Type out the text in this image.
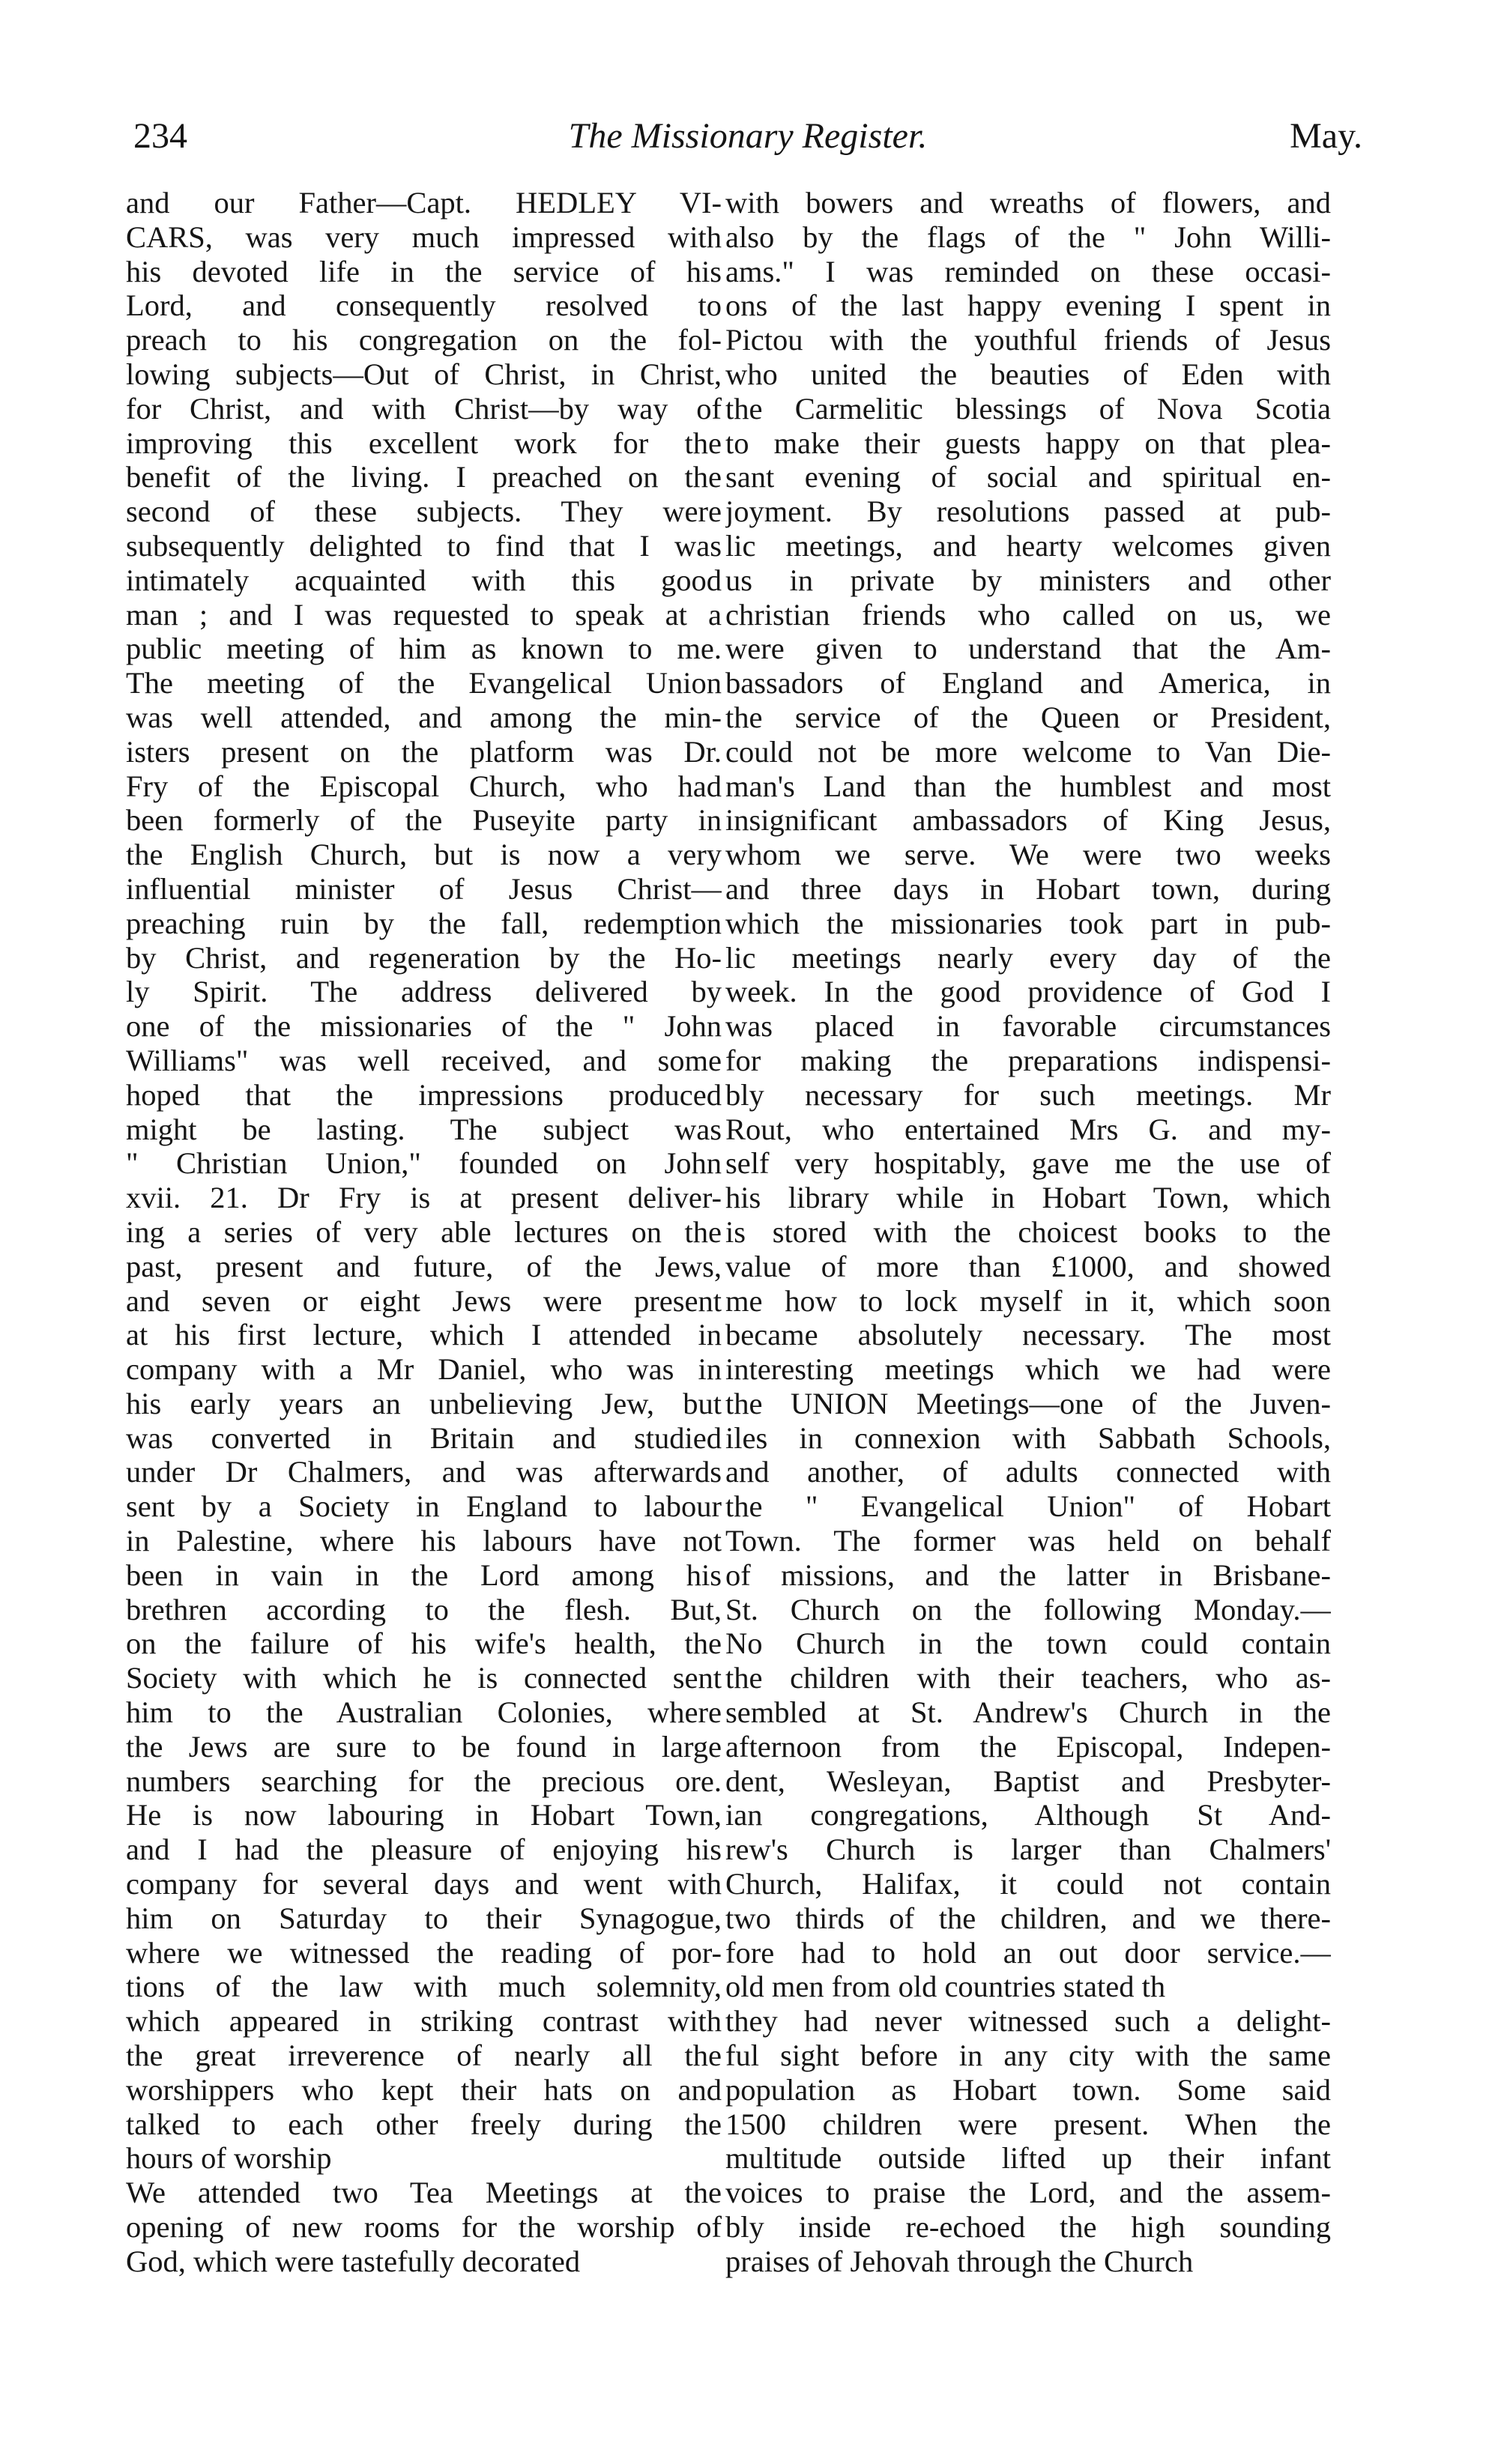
234	The Missionary Register.	May.
and our Father—Capt. HEDLEY VI-
CARS, was very much impressed with
his devoted life in the service of his
Lord, and consequently resolved to
preach to his congregation on the fol-
lowing subjects—Out of Christ, in Christ,
for Christ, and with Christ—by way of
improving this excellent work for the
benefit of the living. I preached on the
second of these subjects. They were
subsequently delighted to find that I was
intimately acquainted with this good
man ; and I was requested to speak at a
public meeting of him as known to me.
The meeting of the Evangelical Union
was well attended, and among the min-
isters present on the platform was Dr.
Fry of the Episcopal Church, who had
been formerly of the Puseyite party in
the English Church, but is now a very
influential minister of Jesus Christ—
preaching ruin by the fall, redemption
by Christ, and regeneration by the Ho-
ly Spirit. The address delivered by
one of the missionaries of the " John
Williams" was well received, and some
hoped that the impressions produced
might be lasting. The subject was
" Christian Union," founded on John
xvii. 21. Dr Fry is at present deliver-
ing a series of very able lectures on the
past, present and future, of the Jews,
and seven or eight Jews were present
at his first lecture, which I attended in
company with a Mr Daniel, who was in
his early years an unbelieving Jew, but
was converted in Britain and studied
under Dr Chalmers, and was afterwards
sent by a Society in England to labour
in Palestine, where his labours have not
been in vain in the Lord among his
brethren according to the flesh. But,
on the failure of his wife's health, the
Society with which he is connected sent
him to the Australian Colonies, where
the Jews are sure to be found in large
numbers searching for the precious ore.
He is now labouring in Hobart Town,
and I had the pleasure of enjoying his
company for several days and went with
him on Saturday to their Synagogue,
where we witnessed the reading of por-
tions of the law with much solemnity,
which appeared in striking contrast with
the great irreverence of nearly all the
worshippers who kept their hats on and
talked to each other freely during the
hours of worship
We attended two Tea Meetings at the
opening of new rooms for the worship of
God, which were tastefully decorated
with bowers and wreaths of flowers, and
also by the flags of the " John Willi-
ams." I was reminded on these occasi-
ons of the last happy evening I spent in
Pictou with the youthful friends of Jesus
who united the beauties of Eden with
the Carmelitic blessings of Nova Scotia
to make their guests happy on that plea-
sant evening of social and spiritual en-
joyment. By resolutions passed at pub-
lic meetings, and hearty welcomes given
us in private by ministers and other
christian friends who called on us, we
were given to understand that the Am-
bassadors of England and America, in
the service of the Queen or President,
could not be more welcome to Van Die-
man's Land than the humblest and most
insignificant ambassadors of King Jesus,
whom we serve. We were two weeks
and three days in Hobart town, during
which the missionaries took part in pub-
lic meetings nearly every day of the
week. In the good providence of God I
was placed in favorable circumstances
for making the preparations indispensi-
bly necessary for such meetings. Mr
Rout, who entertained Mrs G. and my-
self very hospitably, gave me the use of
his library while in Hobart Town, which
is stored with the choicest books to the
value of more than £1000, and showed
me how to lock myself in it, which soon
became absolutely necessary. The most
interesting meetings which we had were
the UNION Meetings—one of the Juven-
iles in connexion with Sabbath Schools,
and another, of adults connected with
the " Evangelical Union" of Hobart
Town. The former was held on behalf
of missions, and the latter in Brisbane-
St. Church on the following Monday.—
No Church in the town could contain
the children with their teachers, who as-
sembled at St. Andrew's Church in the
afternoon from the Episcopal, Indepen-
dent, Wesleyan, Baptist and Presbyter-
ian congregations, Although St And-
rew's Church is larger than Chalmers'
Church, Halifax, it could not contain
two thirds of the children, and we there-
fore had to hold an out door service.—
old men from old countries stated th
they had never witnessed such a delight-
ful sight before in any city with the same
population as Hobart town. Some said
1500 children were present. When the
multitude outside lifted up their infant
voices to praise the Lord, and the assem-
bly inside re-echoed the high sounding
praises of Jehovah through the Church
